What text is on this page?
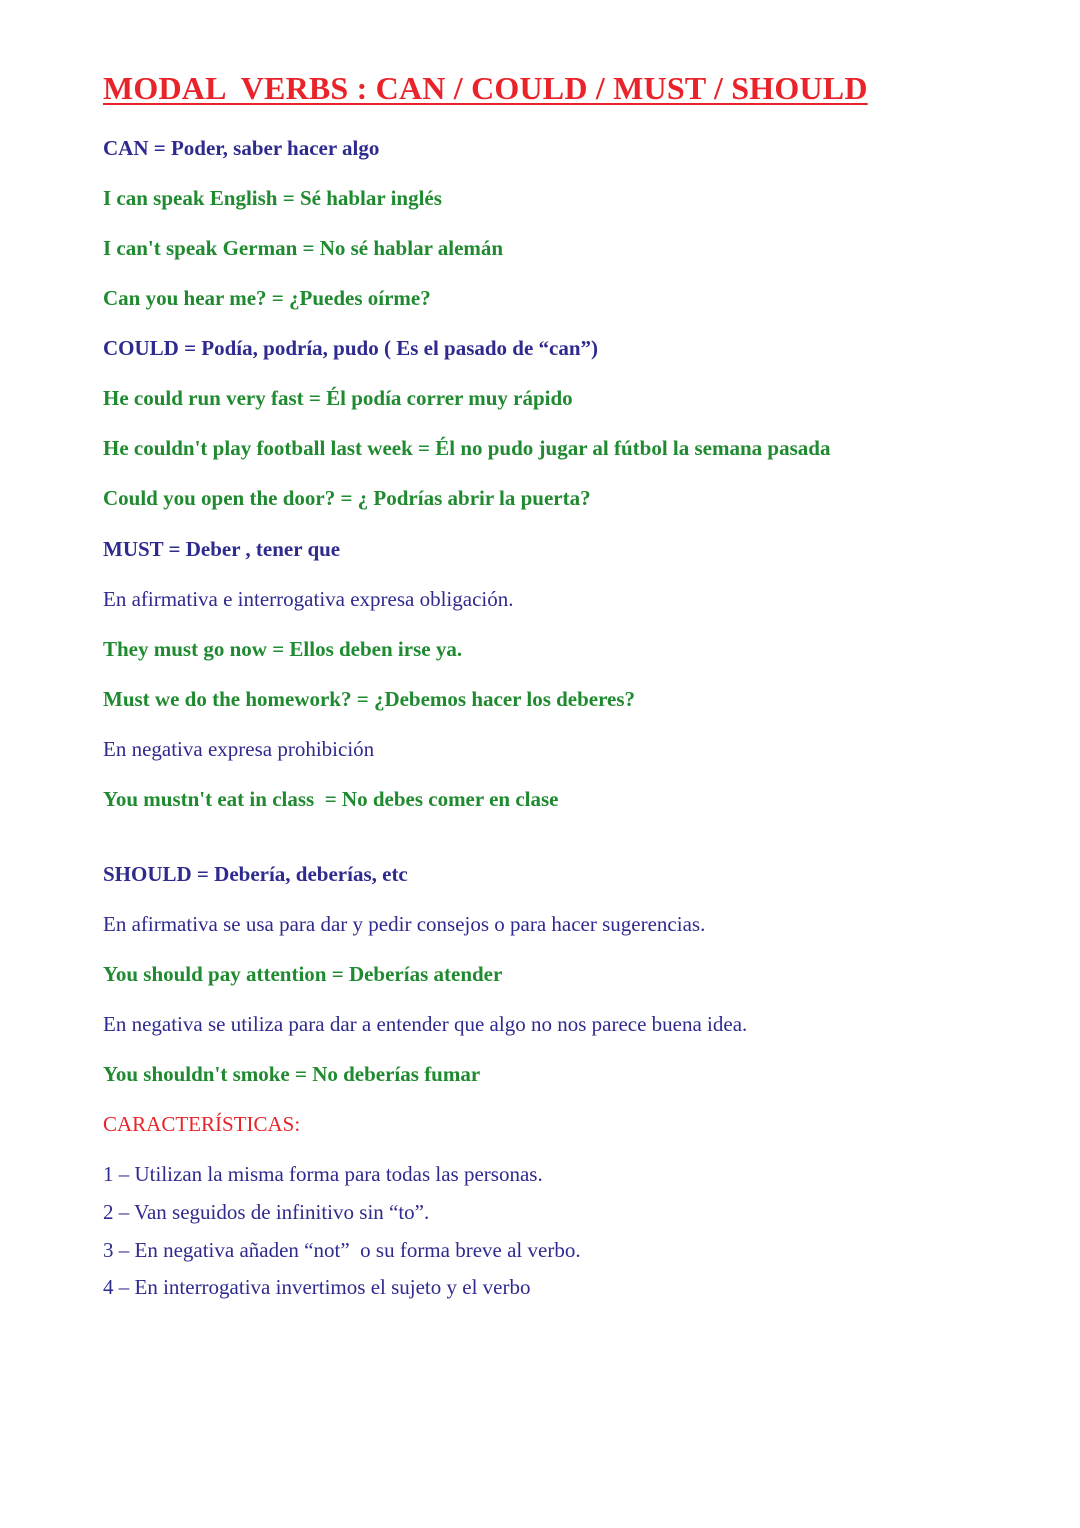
MODAL  VERBS : CAN / COULD / MUST / SHOULD

CAN = Poder, saber hacer algo

I can speak English = Sé hablar inglés

I can't speak German = No sé hablar alemán

Can you hear me? = ¿Puedes oírme?

COULD = Podía, podría, pudo ( Es el pasado de “can”)

He could run very fast = Él podía correr muy rápido

He couldn't play football last week = Él no pudo jugar al fútbol la semana pasada

Could you open the door? = ¿ Podrías abrir la puerta?

MUST = Deber , tener que

En afirmativa e interrogativa expresa obligación.

They must go now = Ellos deben irse ya.

Must we do the homework? = ¿Debemos hacer los deberes?

En negativa expresa prohibición

You mustn't eat in class  = No debes comer en clase

SHOULD = Debería, deberías, etc

En afirmativa se usa para dar y pedir consejos o para hacer sugerencias.

You should pay attention = Deberías atender

En negativa se utiliza para dar a entender que algo no nos parece buena idea.

You shouldn't smoke = No deberías fumar

CARACTERÍSTICAS:

1 – Utilizan la misma forma para todas las personas.

2 – Van seguidos de infinitivo sin “to”.

3 – En negativa añaden “not”  o su forma breve al verbo.

4 – En interrogativa invertimos el sujeto y el verbo
